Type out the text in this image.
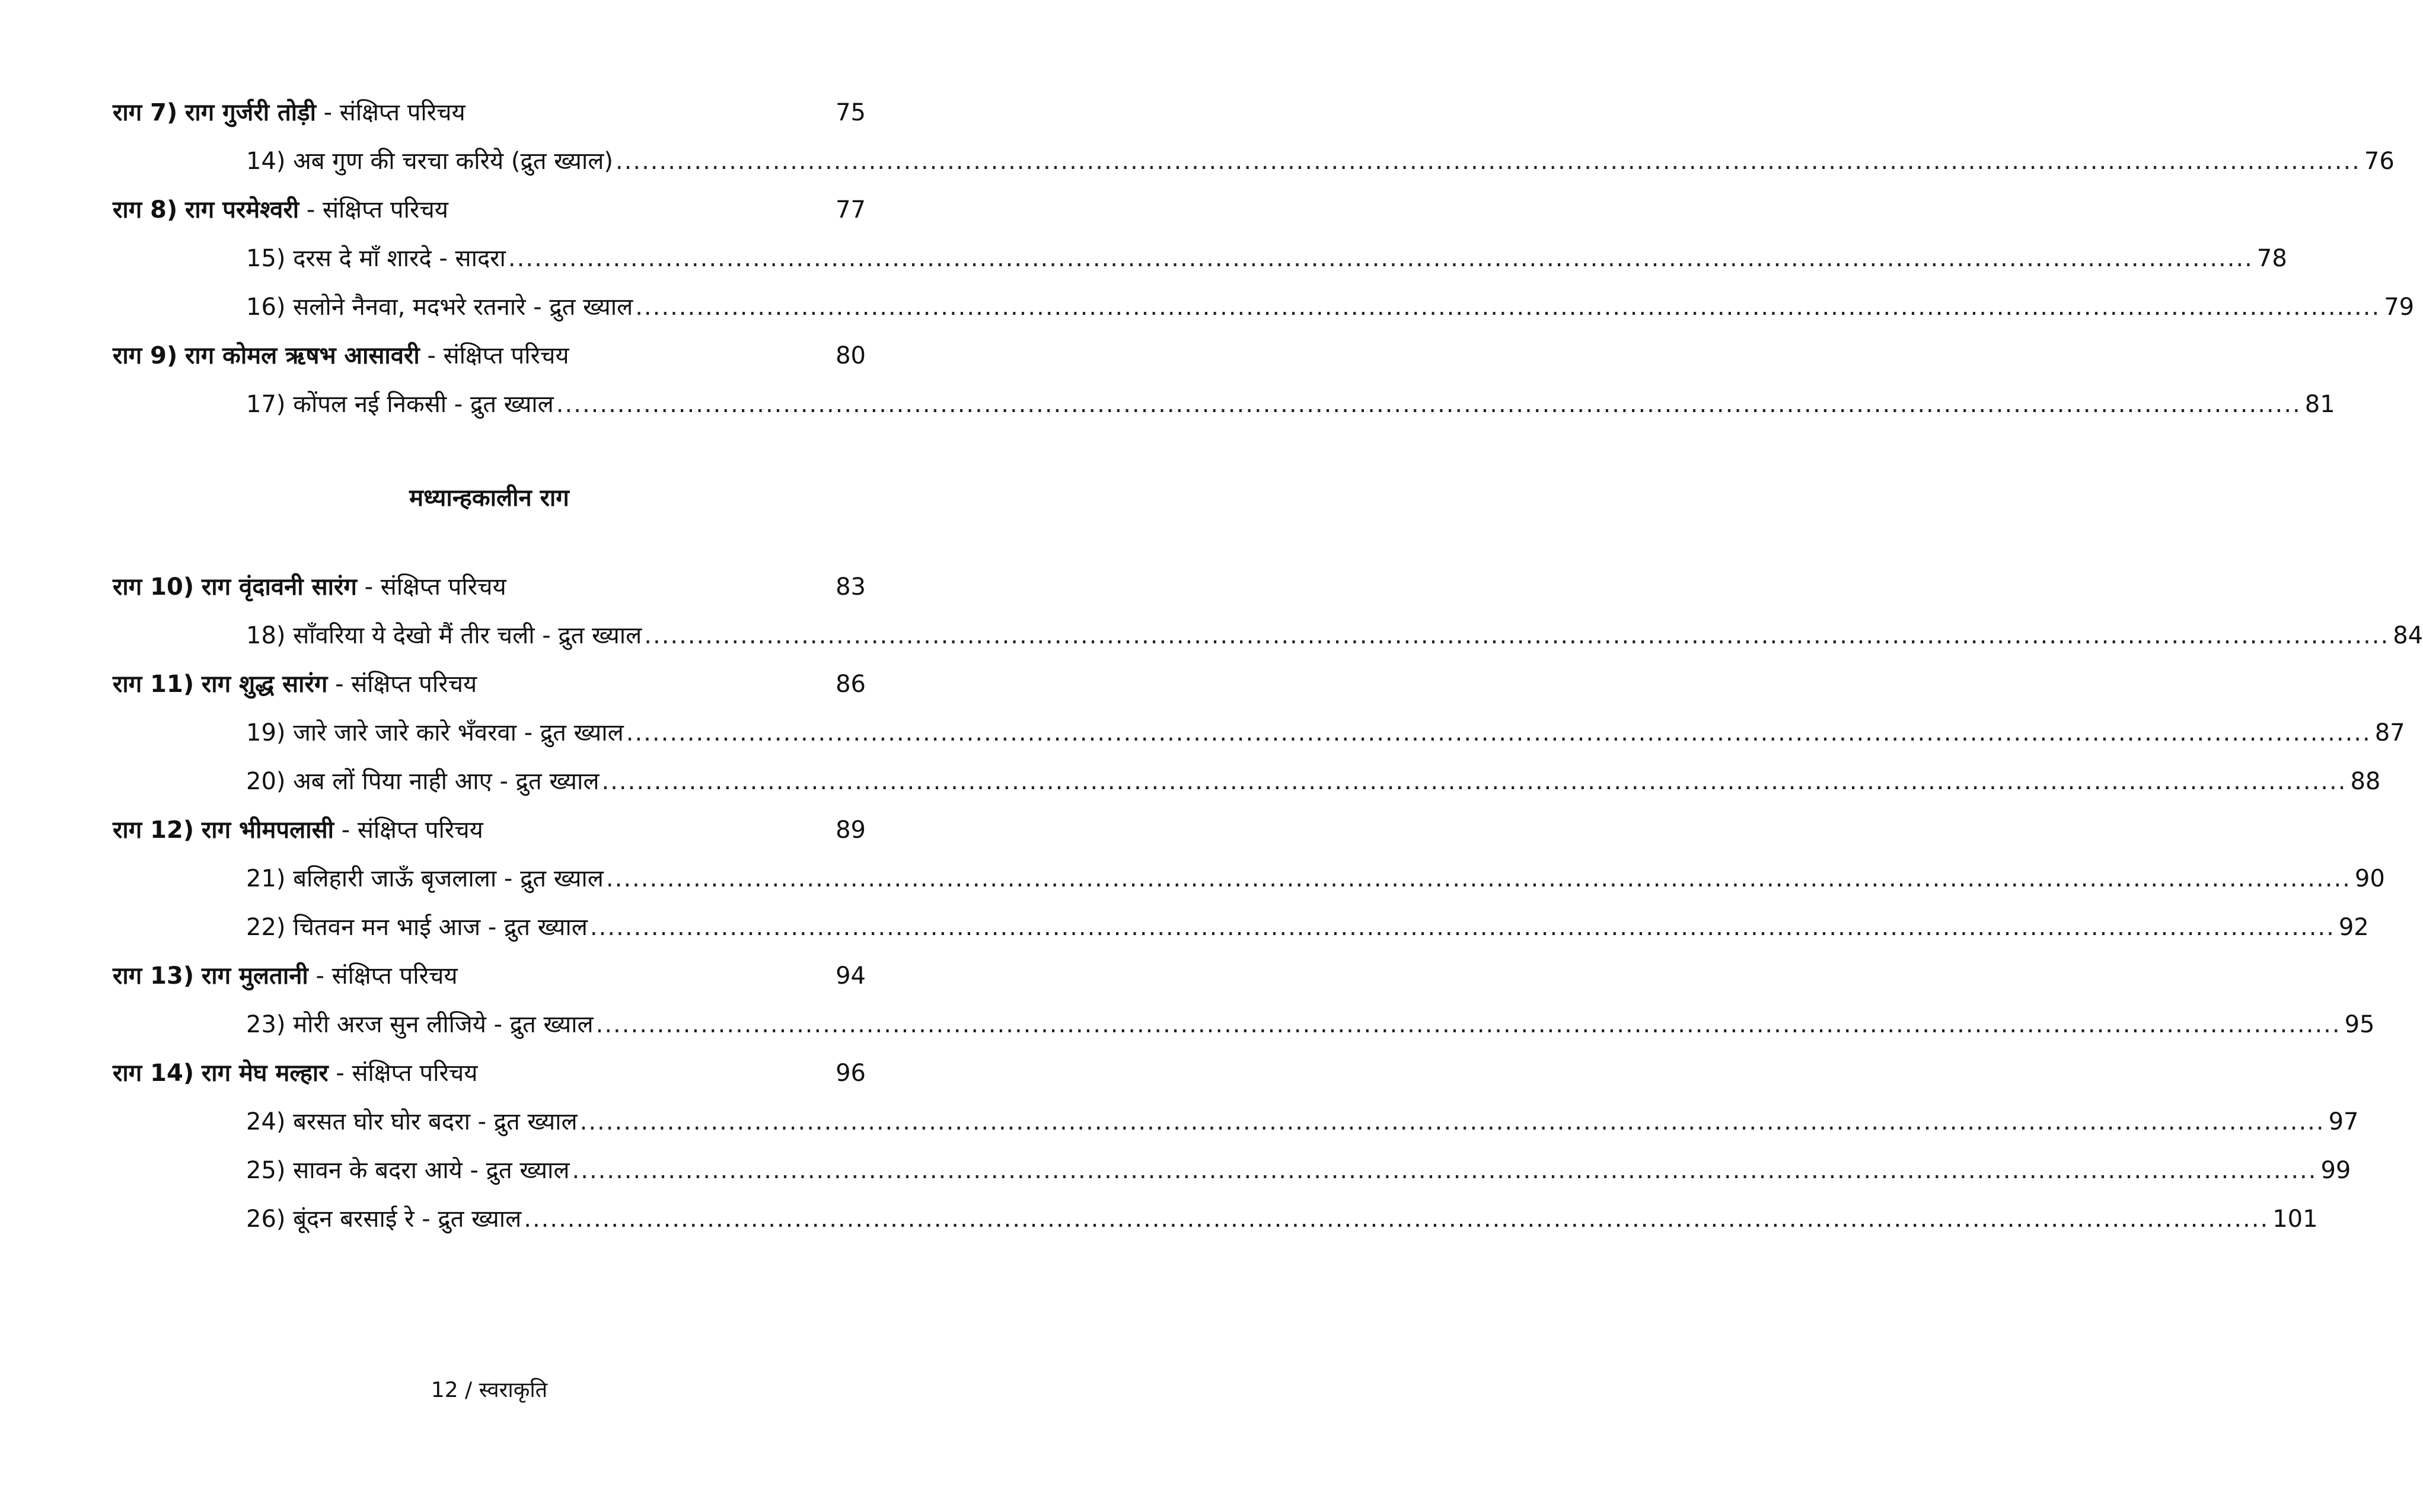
राग 7) राग गुर्जरी तोड़ी - संक्षिप्त परिचय	75
14) अब गुण की चरचा करिये (द्रुत ख्याल) ........................................................................................................................................................................................................ 76
राग 8) राग परमेश्वरी - संक्षिप्त परिचय	77
15) दरस दे माँ शारदे - सादरा ........................................................................................................................................................................................................ 78
16) सलोने नैनवा, मदभरे रतनारे - द्रुत ख्याल ........................................................................................................................................................................................................ 79
राग 9) राग कोमल ऋषभ आसावरी - संक्षिप्त परिचय	80
17) कोंपल नई निकसी - द्रुत ख्याल ........................................................................................................................................................................................................ 81
मध्यान्हकालीन राग
राग 10) राग वृंदावनी सारंग - संक्षिप्त परिचय	83
18) साँवरिया ये देखो मैं तीर चली - द्रुत ख्याल ........................................................................................................................................................................................................ 84
राग 11) राग शुद्ध सारंग - संक्षिप्त परिचय	86
19) जारे जारे जारे कारे भँवरवा - द्रुत ख्याल ........................................................................................................................................................................................................ 87
20) अब लों पिया नाही आए - द्रुत ख्याल ........................................................................................................................................................................................................ 88
राग 12) राग भीमपलासी - संक्षिप्त परिचय	89
21) बलिहारी जाऊँ बृजलाला - द्रुत ख्याल ........................................................................................................................................................................................................ 90
22) चितवन मन भाई आज - द्रुत ख्याल ........................................................................................................................................................................................................ 92
राग 13) राग मुलतानी - संक्षिप्त परिचय	94
23) मोरी अरज सुन लीजिये - द्रुत ख्याल ........................................................................................................................................................................................................ 95
राग 14) राग मेघ मल्हार - संक्षिप्त परिचय	96
24) बरसत घोर घोर बदरा - द्रुत ख्याल ........................................................................................................................................................................................................ 97
25) सावन के बदरा आये - द्रुत ख्याल ........................................................................................................................................................................................................ 99
26) बूंदन बरसाई रे - द्रुत ख्याल ........................................................................................................................................................................................................ 101
12 / स्वराकृति
